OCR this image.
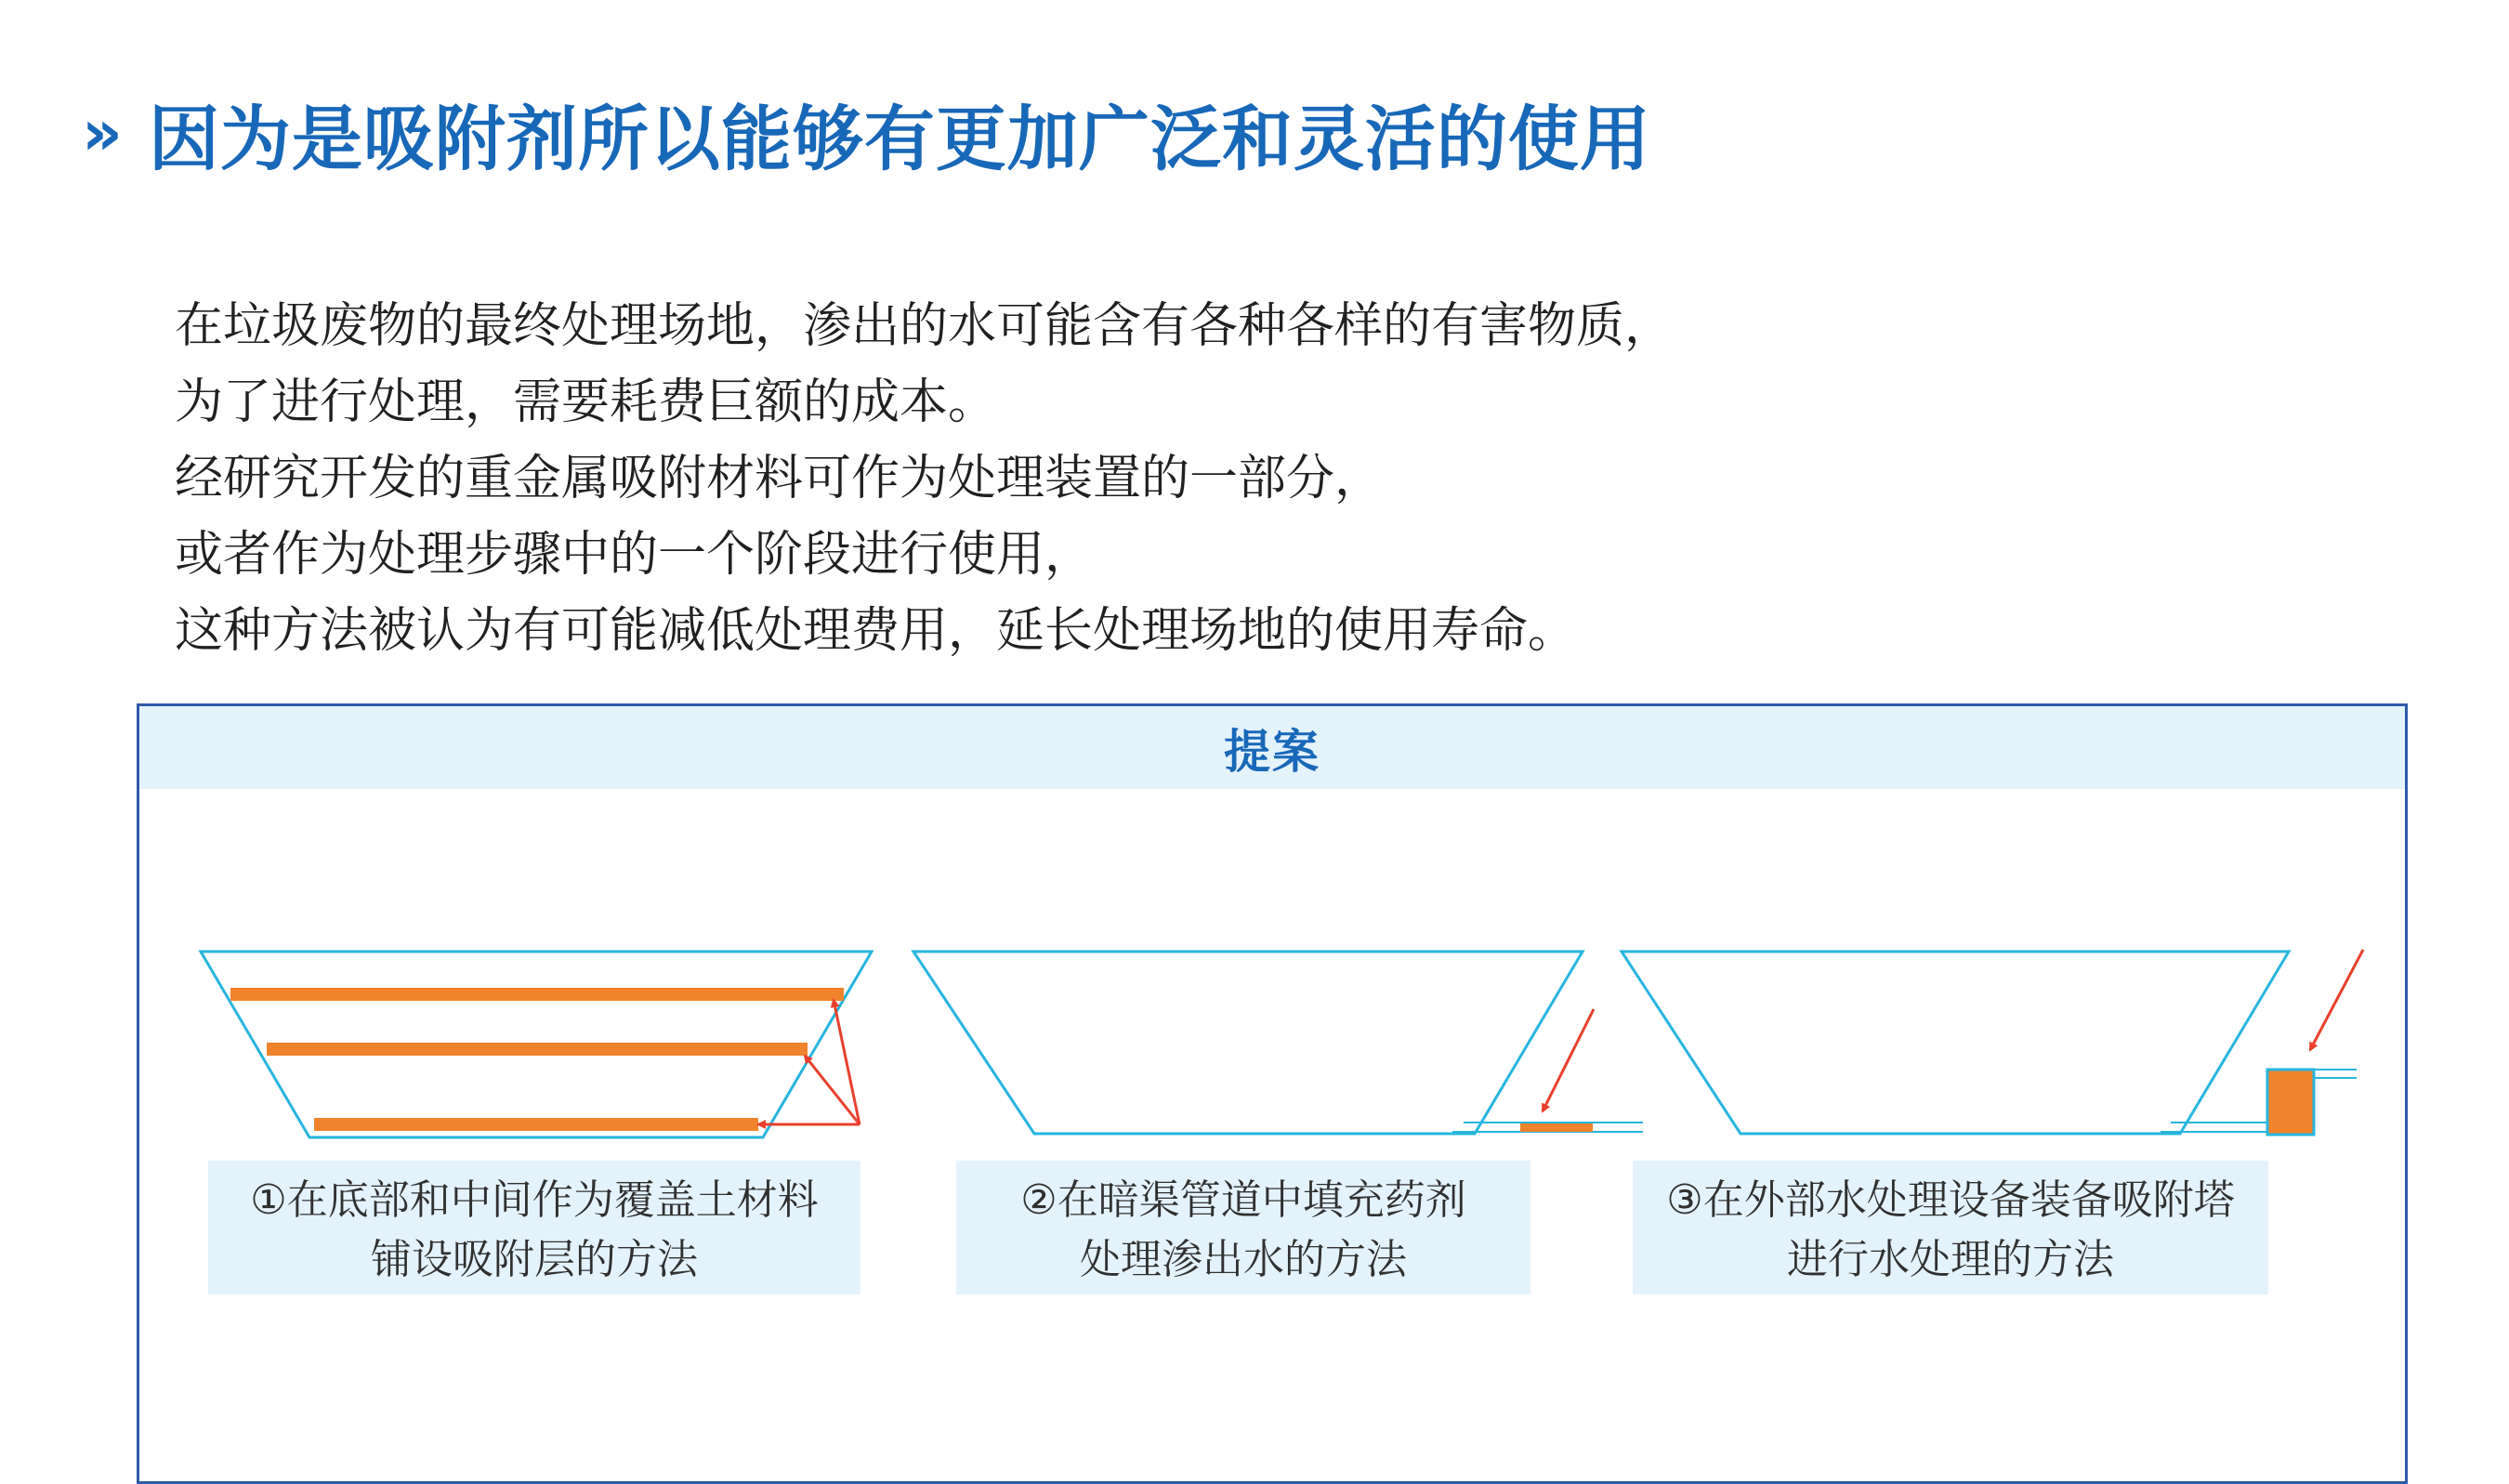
» 因为是吸附剂所以能够有更加广泛和灵活的使用
在垃圾废物的最终处理场地，渗出的水可能含有各种各样的有害物质，
为了进行处理，需要耗费巨额的成本。
经研究开发的重金属吸附材料可作为处理装置的一部分，
或者作为处理步骤中的一个阶段进行使用，
这种方法被认为有可能减低处理费用，延长处理场地的使用寿命。
提案
①在底部和中间作为覆盖土材料
铺设吸附层的方法
②在暗渠管道中填充药剂
处理渗出水的方法
③在外部水处理设备装备吸附塔
进行水处理的方法
